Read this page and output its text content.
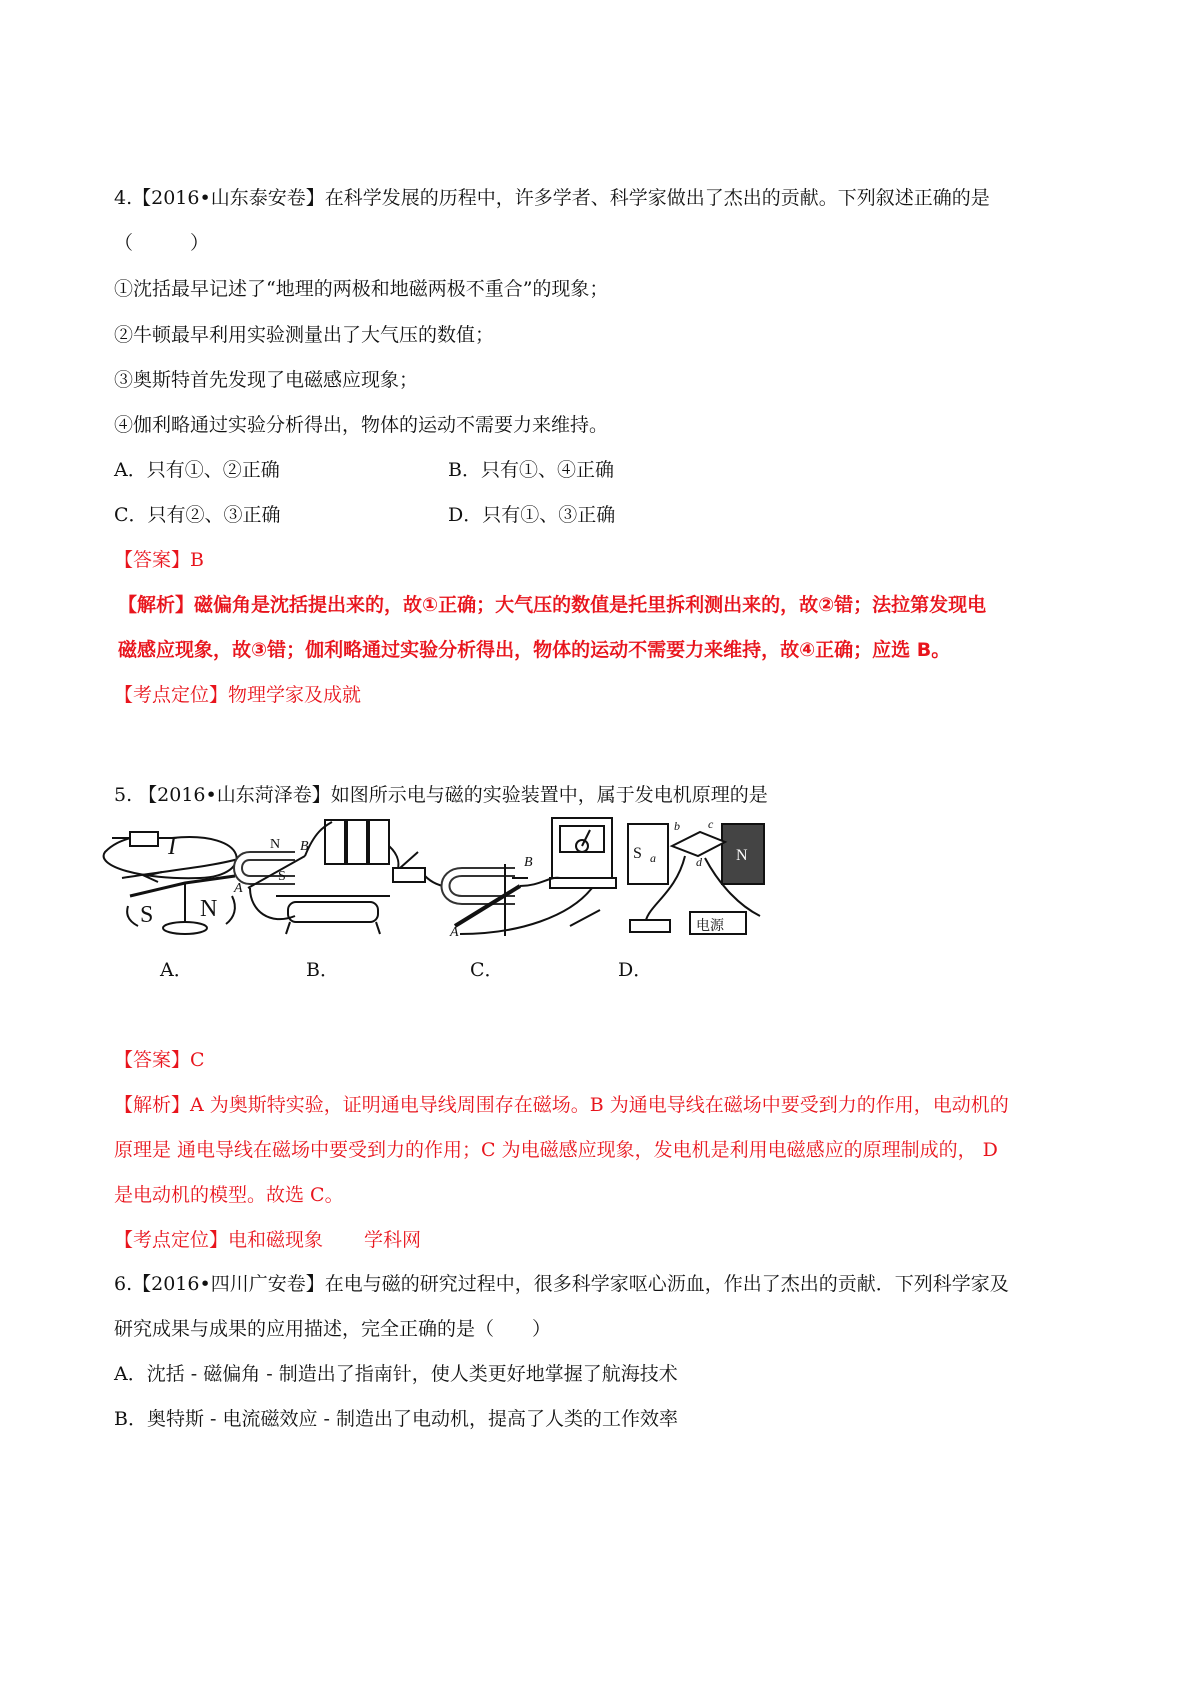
4.【2016•山东泰安卷】在科学发展的历程中，许多学者、科学家做出了杰出的贡献。下列叙述正确的是
（　　　）
①沈括最早记述了“地理的两极和地磁两极不重合”的现象；
②牛顿最早利用实验测量出了大气压的数值；
③奥斯特首先发现了电磁感应现象；
④伽利略通过实验分析得出，物体的运动不需要力来维持。
A．只有①、②正确	B．只有①、④正确
C．只有②、③正确	D．只有①、③正确
【答案】B
【解析】磁偏角是沈括提出来的，故①正确；大气压的数值是托里拆利测出来的，故②错；法拉第发现电
磁感应现象，故③错；伽利略通过实验分析得出，物体的运动不需要力来维持，故④正确；应选 B。
【考点定位】物理学家及成就
5. 【2016•山东菏泽卷】如图所示电与磁的实验装置中，属于发电机原理的是
I
S N
N
S
A
B
A
B
S a	N
b c
d
电源
A．	B．	C．	D．
【答案】C
【解析】A 为奥斯特实验，证明通电导线周围存在磁场。B 为通电导线在磁场中要受到力的作用，电动机的
原理是 通电导线在磁场中要受到力的作用；C 为电磁感应现象，发电机是利用电磁感应的原理制成的， D
是电动机的模型。故选 C。
【考点定位】电和磁现象 学科网
6.【2016•四川广安卷】在电与磁的研究过程中，很多科学家呕心沥血，作出了杰出的贡献．下列科学家及
研究成果与成果的应用描述，完全正确的是（　　）
A．沈括 - 磁偏角 - 制造出了指南针，使人类更好地掌握了航海技术
B．奥特斯 - 电流磁效应 - 制造出了电动机，提高了人类的工作效率
